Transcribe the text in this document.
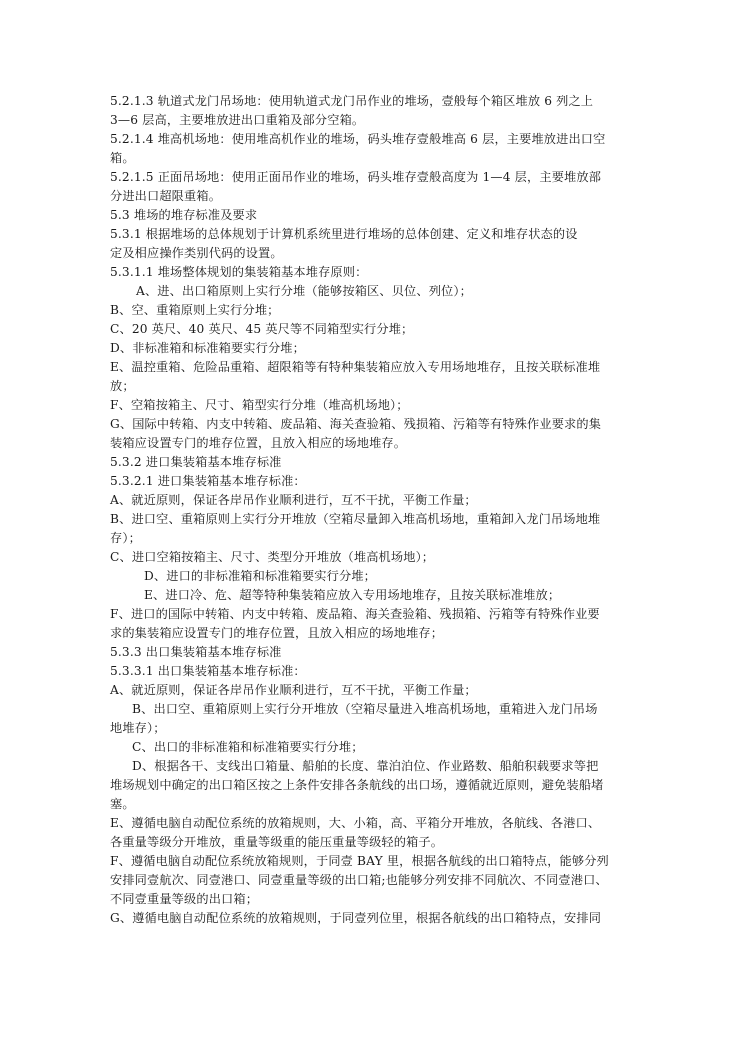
5.2.1.3 轨道式龙门吊场地：使用轨道式龙门吊作业的堆场，壹般每个箱区堆放 6 列之上
3—6 层高，主要堆放进出口重箱及部分空箱。
5.2.1.4 堆高机场地：使用堆高机作业的堆场，码头堆存壹般堆高 6 层，主要堆放进出口空
箱。
5.2.1.5 正面吊场地：使用正面吊作业的堆场，码头堆存壹般高度为 1—4 层，主要堆放部
分进出口超限重箱。
5.3 堆场的堆存标准及要求
5.3.1 根据堆场的总体规划于计算机系统里进行堆场的总体创建、定义和堆存状态的设
定及相应操作类别代码的设置。
5.3.1.1 堆场整体规划的集装箱基本堆存原则：
A、进、出口箱原则上实行分堆（能够按箱区、贝位、列位）；
B、空、重箱原则上实行分堆；
C、20 英尺、40 英尺、45 英尺等不同箱型实行分堆；
D、非标准箱和标准箱要实行分堆；
E、温控重箱、危险品重箱、超限箱等有特种集装箱应放入专用场地堆存，且按关联标准堆
放；
F、空箱按箱主、尺寸、箱型实行分堆（堆高机场地）；
G、国际中转箱、内支中转箱、废品箱、海关查验箱、残损箱、污箱等有特殊作业要求的集
装箱应设置专门的堆存位置，且放入相应的场地堆存。
5.3.2 进口集装箱基本堆存标准
5.3.2.1 进口集装箱基本堆存标准：
A、就近原则，保证各岸吊作业顺利进行，互不干扰，平衡工作量；
B、进口空、重箱原则上实行分开堆放（空箱尽量卸入堆高机场地，重箱卸入龙门吊场地堆
存）；
C、进口空箱按箱主、尺寸、类型分开堆放（堆高机场地）；
D、进口的非标准箱和标准箱要实行分堆；
E、进口冷、危、超等特种集装箱应放入专用场地堆存，且按关联标准堆放；
F、进口的国际中转箱、内支中转箱、废品箱、海关查验箱、残损箱、污箱等有特殊作业要
求的集装箱应设置专门的堆存位置，且放入相应的场地堆存；
5.3.3 出口集装箱基本堆存标准
5.3.3.1 出口集装箱基本堆存标准：
A、就近原则，保证各岸吊作业顺利进行，互不干扰，平衡工作量；
B、出口空、重箱原则上实行分开堆放（空箱尽量进入堆高机场地，重箱进入龙门吊场
地堆存）；
C、出口的非标准箱和标准箱要实行分堆；
D、根据各干、支线出口箱量、船舶的长度、靠泊泊位、作业路数、船舶积载要求等把
堆场规划中确定的出口箱区按之上条件安排各条航线的出口场，遵循就近原则，避免装船堵
塞。
E、遵循电脑自动配位系统的放箱规则，大、小箱，高、平箱分开堆放，各航线、各港口、
各重量等级分开堆放，重量等级重的能压重量等级轻的箱子。
F、遵循电脑自动配位系统放箱规则，于同壹 BAY 里，根据各航线的出口箱特点，能够分列
安排同壹航次、同壹港口、同壹重量等级的出口箱;也能够分列安排不同航次、不同壹港口、
不同壹重量等级的出口箱；
G、遵循电脑自动配位系统的放箱规则，于同壹列位里，根据各航线的出口箱特点，安排同
